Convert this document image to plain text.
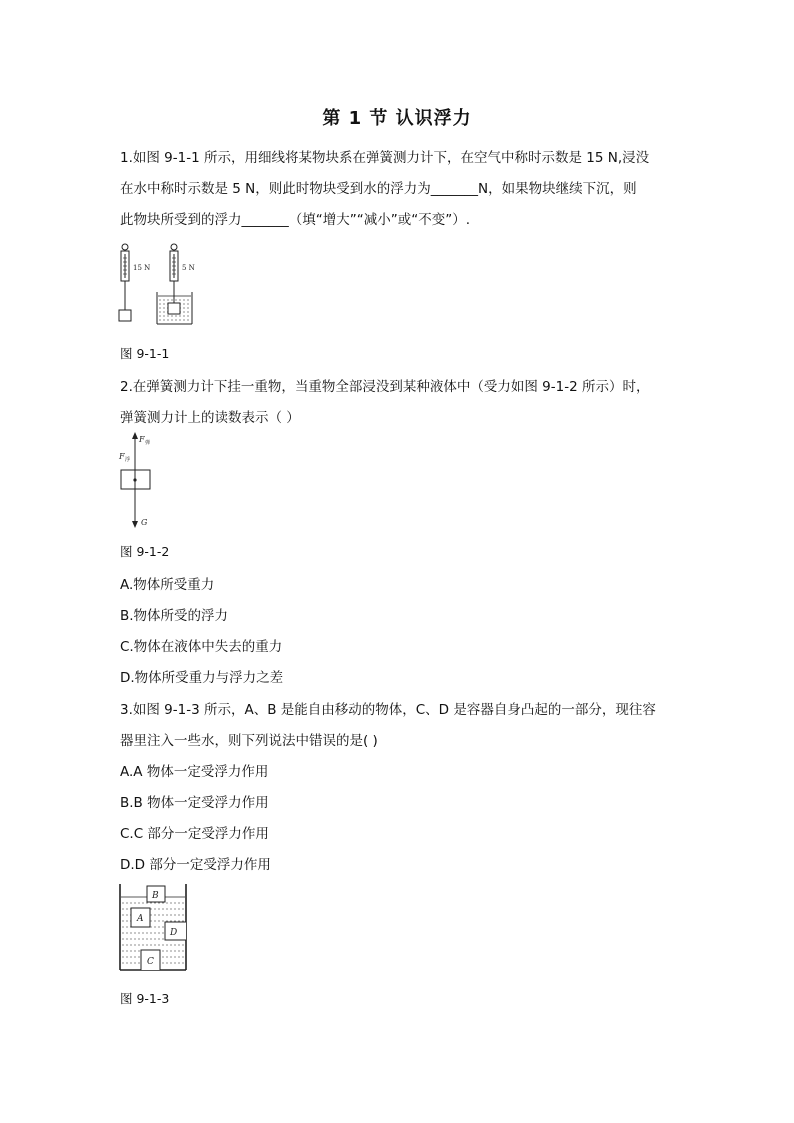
第 1 节 认识浮力
1.如图 9-1-1 所示，用细线将某物块系在弹簧测力计下，在空气中称时示数是 15 N,浸没
在水中称时示数是 5 N，则此时物块受到水的浮力为_______N，如果物块继续下沉，则
此物块所受到的浮力_______（填“增大”“减小”或“不变”）.
15 N	5 N
图 9-1-1
2.在弹簧测力计下挂一重物，当重物全部浸没到某种液体中（受力如图 9-1-2 所示）时，
弹簧测力计上的读数表示（ ）
F 弹
F 浮
G
图 9-1-2
A.物体所受重力
B.物体所受的浮力
C.物体在液体中失去的重力
D.物体所受重力与浮力之差
3.如图 9-1-3 所示，A、B 是能自由移动的物体，C、D 是容器自身凸起的一部分，现往容
器里注入一些水，则下列说法中错误的是( )
A.A 物体一定受浮力作用
B.B 物体一定受浮力作用
C.C 部分一定受浮力作用
D.D 部分一定受浮力作用
B
A
D
C
图 9-1-3
